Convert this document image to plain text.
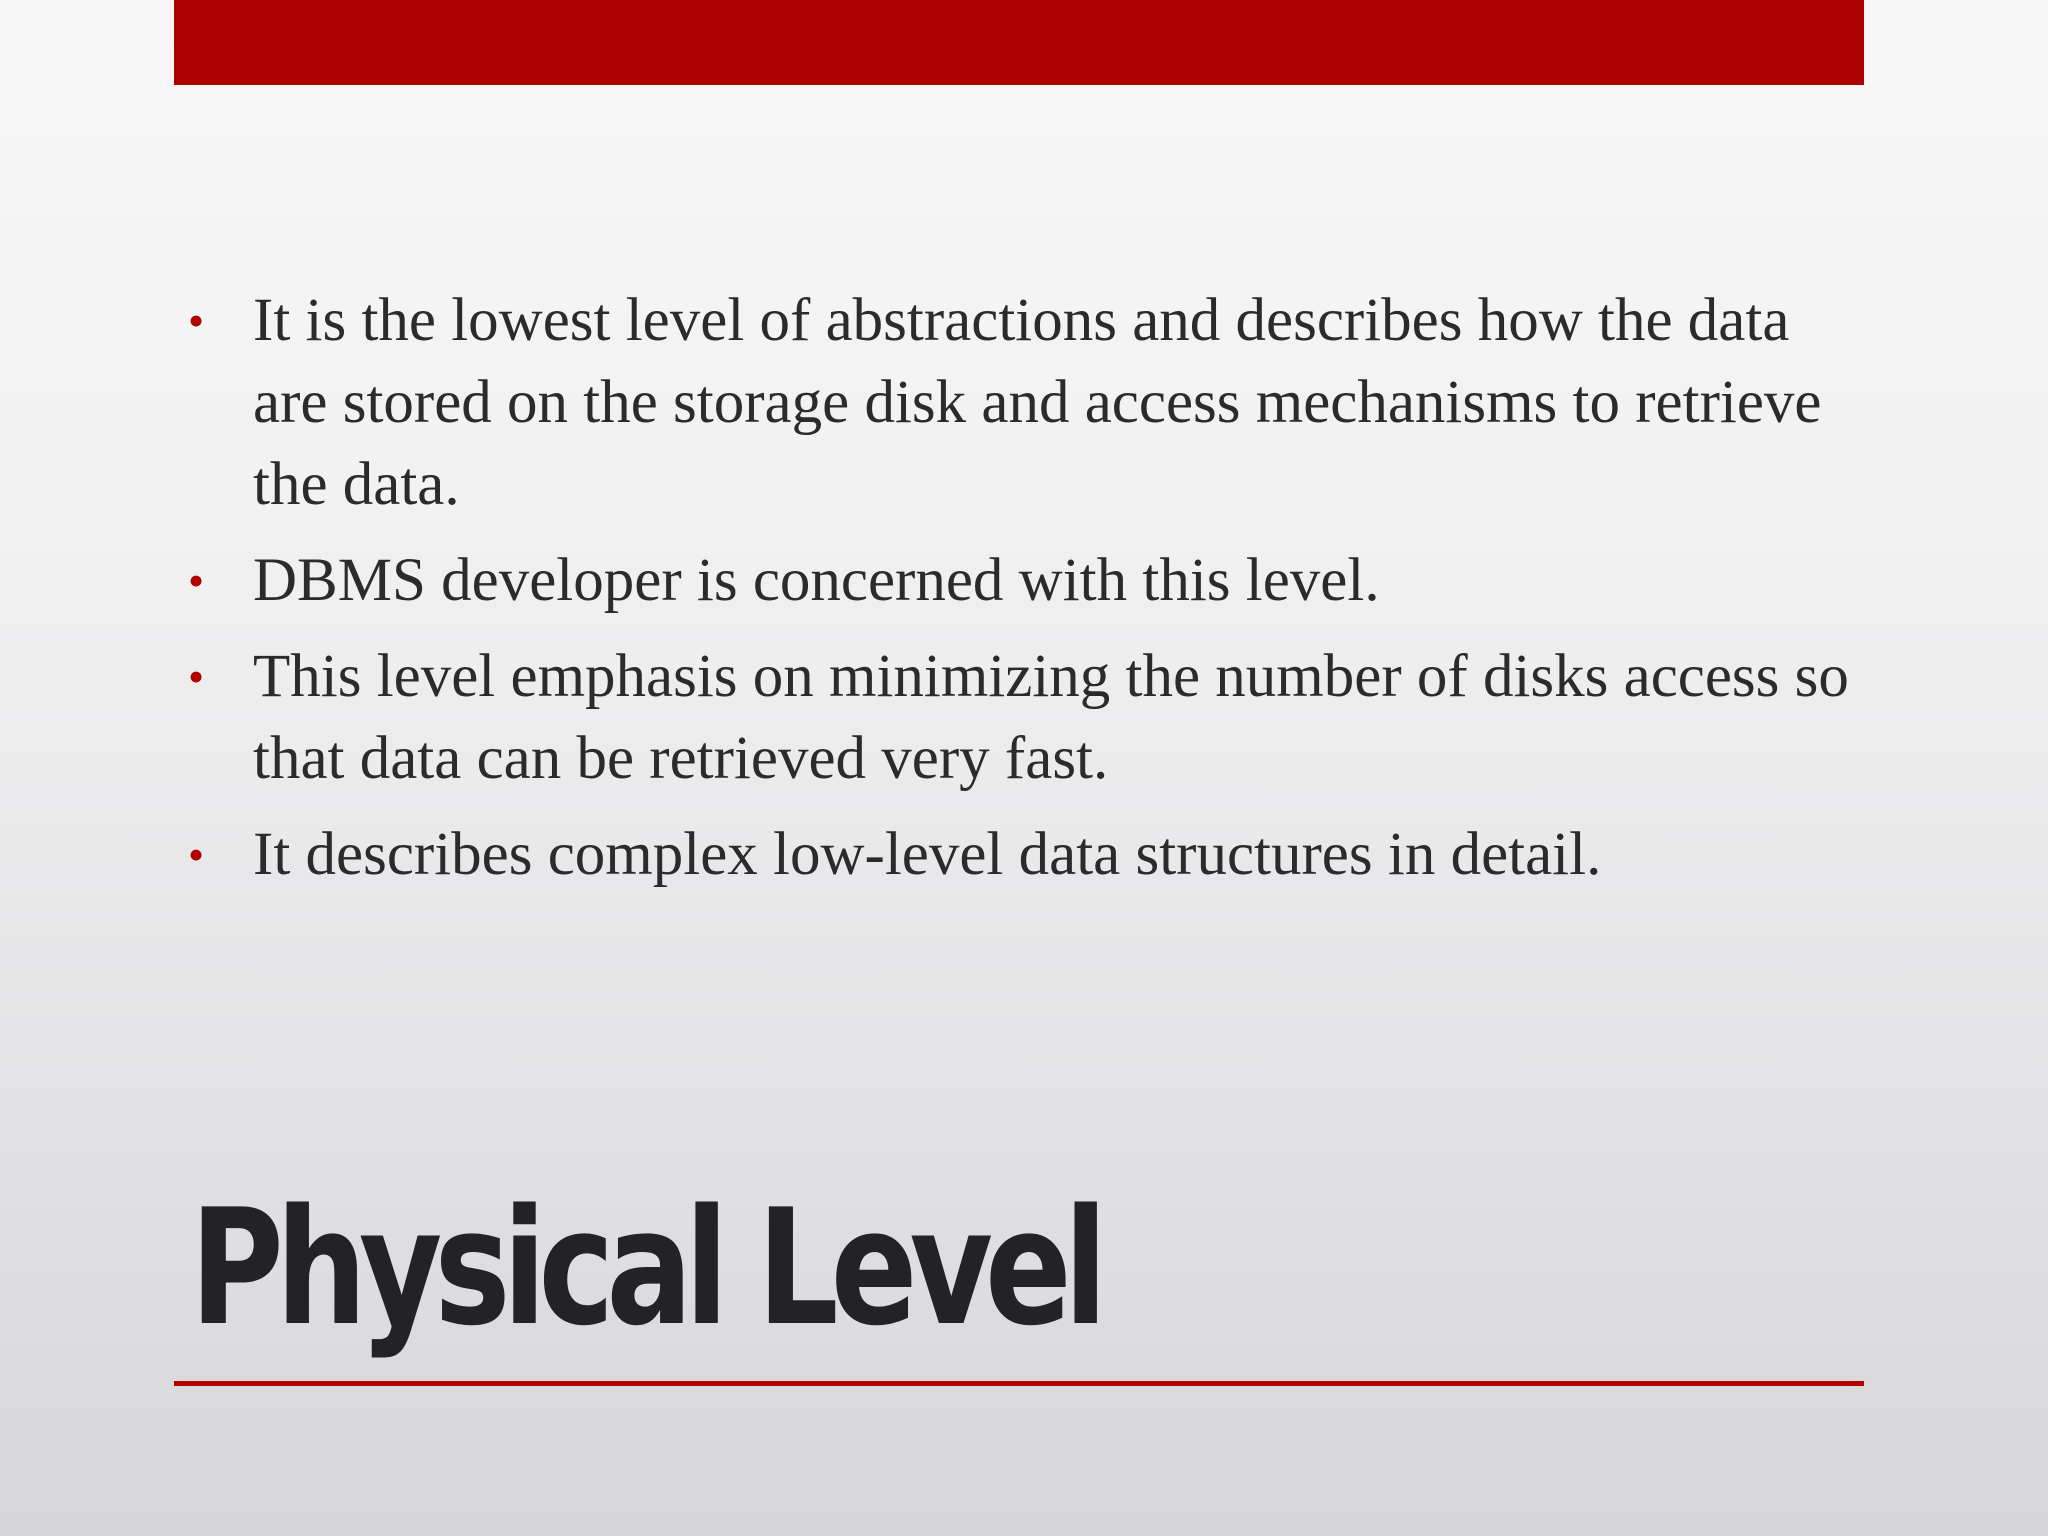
• It is the lowest level of abstractions and describes how the data are stored on the storage disk and access mechanisms to retrieve the data.
• DBMS developer is concerned with this level.
• This level emphasis on minimizing the number of disks access so that data can be retrieved very fast.
• It describes complex low-level data structures in detail.
Physical Level
